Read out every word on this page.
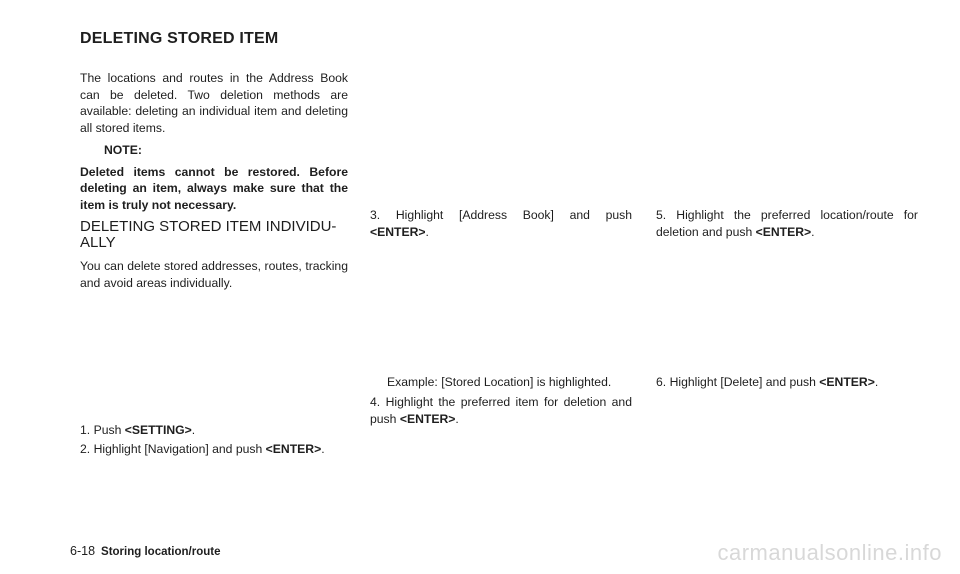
DELETING STORED ITEM

The locations and routes in the Address Book can be deleted. Two deletion methods are available: deleting an individual item and deleting all stored items.

NOTE:

Deleted items cannot be restored. Before deleting an item, always make sure that the item is truly not necessary.

DELETING STORED ITEM INDIVIDU-ALLY

You can delete stored addresses, routes, tracking and avoid areas individually.

1. Push <SETTING>.
2. Highlight [Navigation] and push <ENTER>.
3. Highlight [Address Book] and push <ENTER>.
Example: [Stored Location] is highlighted.
4. Highlight the preferred item for deletion and push <ENTER>.
5. Highlight the preferred location/route for deletion and push <ENTER>.
6. Highlight [Delete] and push <ENTER>.
6-18 Storing location/route	carmanualsonline.info
